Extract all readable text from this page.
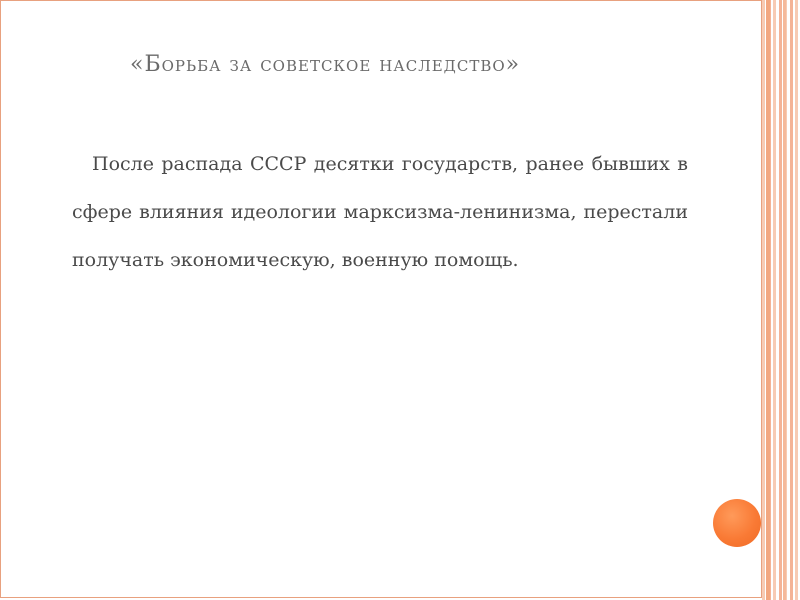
«Борьба за советское наследство»

После распада СССР десятки государств, ранее бывших в сфере влияния идеологии марксизма-ленинизма, перестали получать экономическую, военную помощь.
